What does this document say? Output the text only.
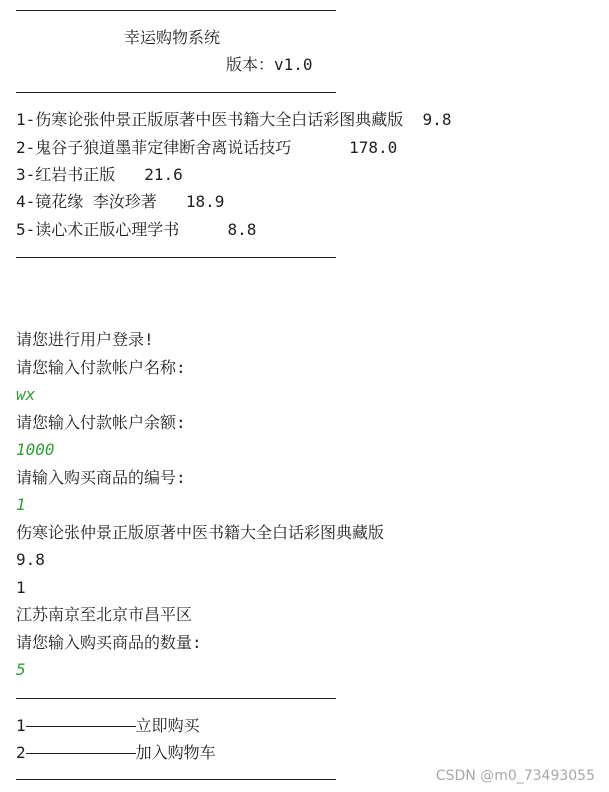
幸运购物系统
版本：v1.0
1-伤寒论张仲景正版原著中医书籍大全白话彩图典藏版 9.8
2-鬼谷子狼道墨菲定律断舍离说话技巧	178.0
3-红岩书正版 21.6
4-镜花缘 李汝珍著 18.9
5-读心术正版心理学书	8.8
请您进行用户登录!
请您输入付款帐户名称:
wx
请您输入付款帐户余额:
1000
请输入购买商品的编号:
1
伤寒论张仲景正版原著中医书籍大全白话彩图典藏版
9.8
1
江苏南京至北京市昌平区
请您输入购买商品的数量:
5
1	立即购买
2	加入购物车
CSDN @m0_73493055
